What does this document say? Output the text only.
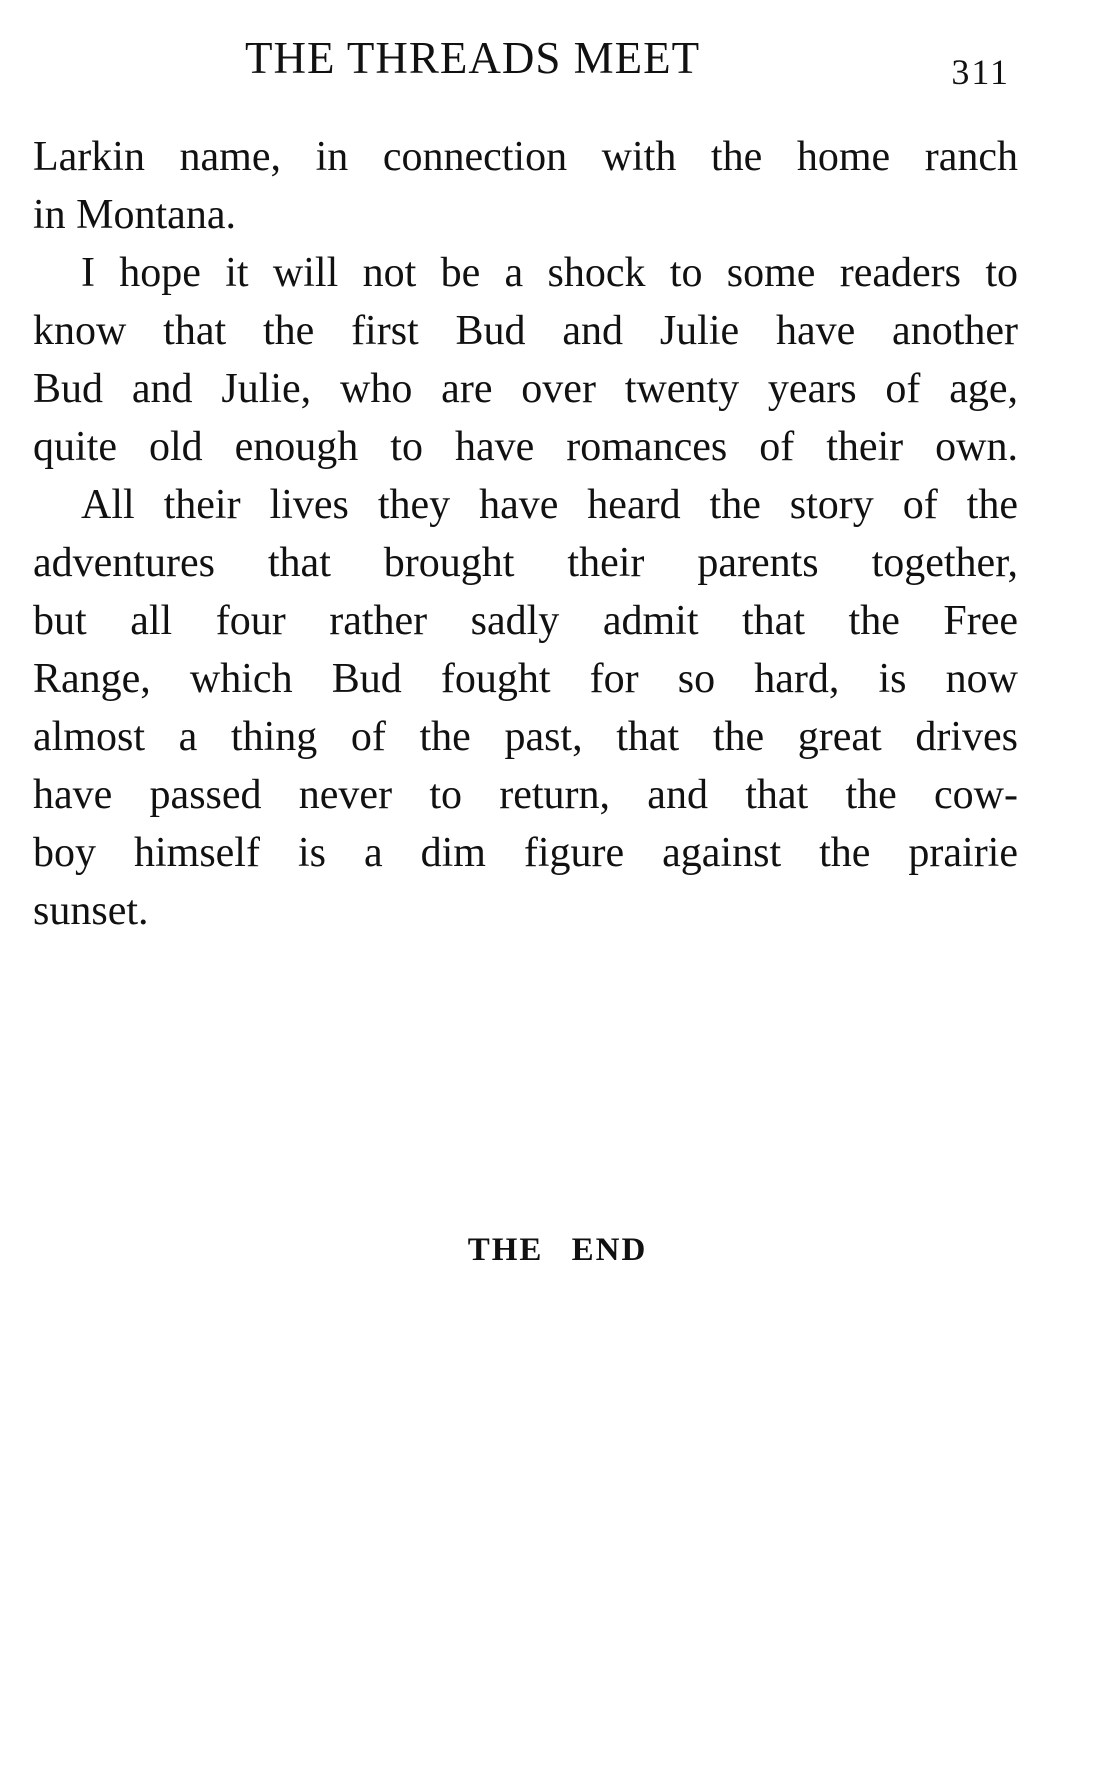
THE THREADS MEET	311
Larkin name, in connection with the home ranch
in Montana.
I hope it will not be a shock to some readers to
know that the first Bud and Julie have another
Bud and Julie, who are over twenty years of age,
quite old enough to have romances of their own.
All their lives they have heard the story of the
adventures that brought their parents together,
but all four rather sadly admit that the Free
Range, which Bud fought for so hard, is now
almost a thing of the past, that the great drives
have passed never to return, and that the cow-
boy himself is a dim figure against the prairie
sunset.
THE END
